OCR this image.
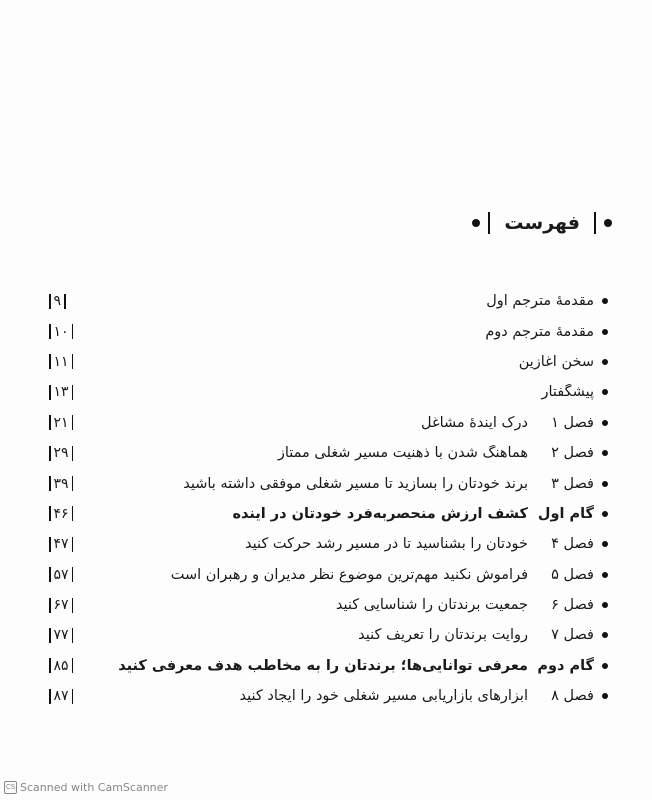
فهرست
مقدمهٔ مترجم اول
۹
مقدمهٔ مترجم دوم
۱۰
سخن آغازین
۱۱
پیشگفتار
۱۳
فصل ۱
درک آیندهٔ مشاغل
۲۱
فصل ۲
هماهنگ شدن با ذهنیت مسیر شغلی ممتاز
۲۹
فصل ۳
برند خودتان را بسازید تا مسیر شغلی موفقی داشته باشید
۳۹
گام اول
کشف ارزش منحصربه‌فرد خودتان در آینده
۴۶
فصل ۴
خودتان را بشناسید تا در مسیر رشد حرکت کنید
۴۷
فصل ۵
فراموش نکنید مهم‌ترین موضوع نظر مدیران و رهبران است
۵۷
فصل ۶
جمعیت برندتان را شناسایی کنید
۶۷
فصل ۷
روایت برندتان را تعریف کنید
۷۷
گام دوم
معرفی توانایی‌ها؛ برندتان را به مخاطب هدف معرفی کنید
۸۵
فصل ۸
ابزارهای بازاریابی مسیر شغلی خود را ایجاد کنید
۸۷
CS Scanned with CamScanner
